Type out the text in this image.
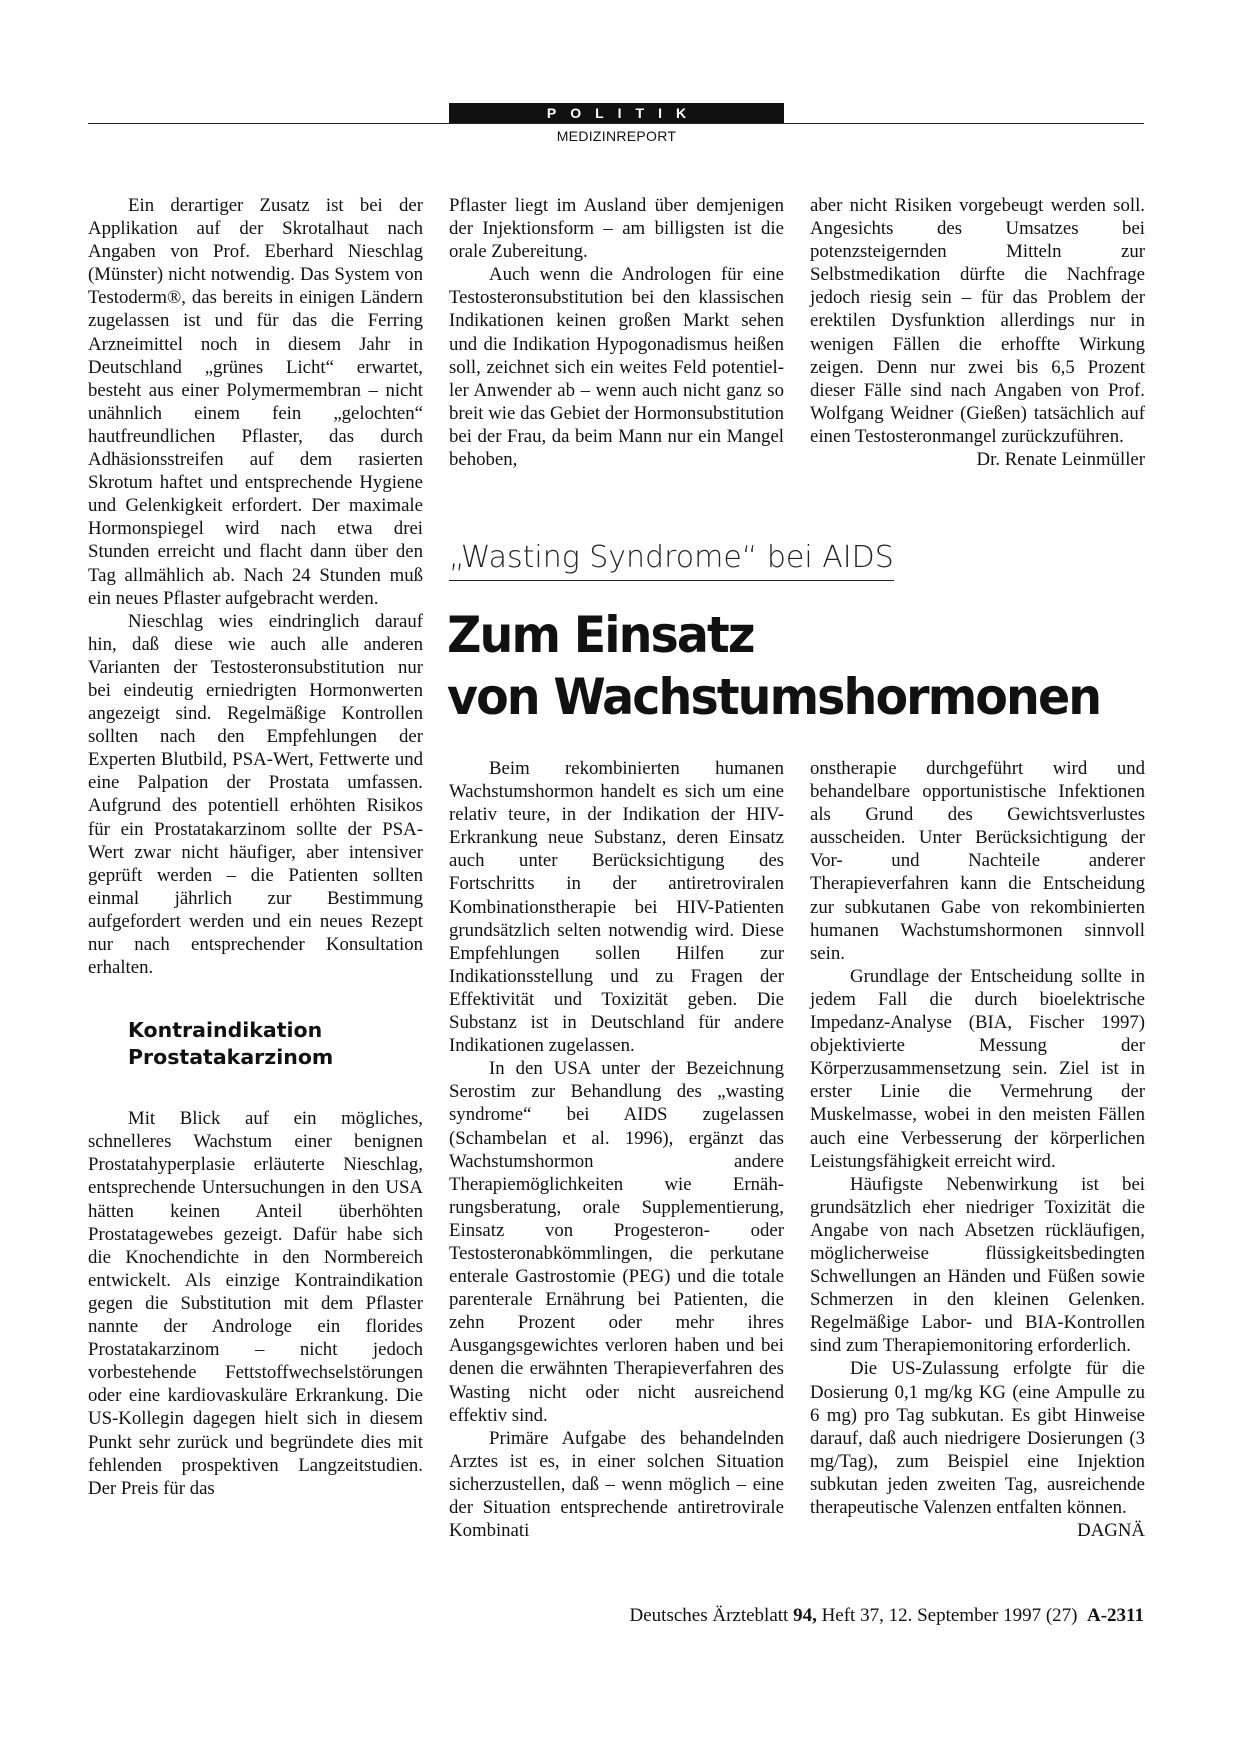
POLITIK
MEDIZINREPORT

Ein derartiger Zusatz ist bei der Applikation auf der Skrotalhaut nach Angaben von Prof. Eberhard Nieschlag (Münster) nicht notwendig. Das System von Testoderm®, das bereits in einigen Ländern zugelassen ist und für das die Ferring Arzneimittel noch in diesem Jahr in Deutschland „grünes Licht“ erwartet, besteht aus einer Polymermembran – nicht unähnlich einem fein „gelochten“ hautfreundlichen Pflaster, das durch Adhäsionsstreifen auf dem rasierten Skrotum haftet und entsprechende Hygiene und Gelenkigkeit erfordert. Der maximale Hormonspiegel wird nach etwa drei Stunden erreicht und flacht dann über den Tag allmählich ab. Nach 24 Stunden muß ein neues Pflaster aufgebracht werden.

Nieschlag wies eindringlich darauf hin, daß diese wie auch alle anderen Varianten der Testosteronsubstitution nur bei eindeutig erniedrigten Hormonwerten angezeigt sind. Regelmäßige Kontrollen sollten nach den Empfehlungen der Experten Blutbild, PSA-Wert, Fettwerte und eine Palpation der Prostata umfassen. Aufgrund des potentiell erhöhten Risikos für ein Prostatakarzinom sollte der PSA-Wert zwar nicht häufiger, aber intensiver geprüft werden – die Patienten sollten einmal jährlich zur Bestimmung aufgefordert werden und ein neues Rezept nur nach entsprechender Konsultation erhalten.

Kontraindikation
Prostatakarzinom

Mit Blick auf ein mögliches, schnelleres Wachstum einer benignen Prostatahyperplasie erläuterte Nieschlag, entsprechende Untersuchungen in den USA hätten keinen Anteil überhöhten Prostatagewebes gezeigt. Dafür habe sich die Knochendichte in den Normbereich entwickelt. Als einzige Kontraindikation gegen die Substitution mit dem Pflaster nannte der Androloge ein florides Prostatakarzinom – nicht jedoch vorbestehende Fettstoffwechselstörungen oder eine kardiovaskuläre Erkrankung. Die US-Kollegin dagegen hielt sich in diesem Punkt sehr zurück und begründete dies mit fehlenden prospektiven Langzeitstudien. Der Preis für das

Pflaster liegt im Ausland über demjenigen der Injektionsform – am billigsten ist die orale Zubereitung.

Auch wenn die Andrologen für eine Testosteronsubstitution bei den klassischen Indikationen keinen großen Markt sehen und die Indikation Hypogonadismus heißen soll, zeichnet sich ein weites Feld potentieller Anwender ab – wenn auch nicht ganz so breit wie das Gebiet der Hormonsubstitution bei der Frau, da beim Mann nur ein Mangel behoben,

aber nicht Risiken vorgebeugt werden soll. Angesichts des Umsatzes bei potenzsteigernden Mitteln zur Selbstmedikation dürfte die Nachfrage jedoch riesig sein – für das Problem der erektilen Dysfunktion allerdings nur in wenigen Fällen die erhoffte Wirkung zeigen. Denn nur zwei bis 6,5 Prozent dieser Fälle sind nach Angaben von Prof. Wolfgang Weidner (Gießen) tatsächlich auf einen Testosteronmangel zurückzuführen.
Dr. Renate Leinmüller

„Wasting Syndrome“ bei AIDS
Zum Einsatz
von Wachstumshormonen

Beim rekombinierten humanen Wachstumshormon handelt es sich um eine relativ teure, in der Indikation der HIV-Erkrankung neue Substanz, deren Einsatz auch unter Berücksichtigung des Fortschritts in der antiretroviralen Kombinationstherapie bei HIV-Patienten grundsätzlich selten notwendig wird. Diese Empfehlungen sollen Hilfen zur Indikationsstellung und zu Fragen der Effektivität und Toxizität geben. Die Substanz ist in Deutschland für andere Indikationen zugelassen.

In den USA unter der Bezeichnung Serostim zur Behandlung des „wasting syndrome“ bei AIDS zugelassen (Schambelan et al. 1996), ergänzt das Wachstumshormon andere Therapiemöglichkeiten wie Ernährungsberatung, orale Supplementierung, Einsatz von Progesteron- oder Testosteronabkömmlingen, die perkutane enterale Gastrostomie (PEG) und die totale parenterale Ernährung bei Patienten, die zehn Prozent oder mehr ihres Ausgangsgewichtes verloren haben und bei denen die erwähnten Therapieverfahren des Wasting nicht oder nicht ausreichend effektiv sind.

Primäre Aufgabe des behandelnden Arztes ist es, in einer solchen Situation sicherzustellen, daß – wenn möglich – eine der Situation entsprechende antiretrovirale Kombinati

onstherapie durchgeführt wird und behandelbare opportunistische Infektionen als Grund des Gewichtsverlustes ausscheiden. Unter Berücksichtigung der Vor- und Nachteile anderer Therapieverfahren kann die Entscheidung zur subkutanen Gabe von rekombinierten humanen Wachstumshormonen sinnvoll sein.

Grundlage der Entscheidung sollte in jedem Fall die durch bioelektrische Impedanz-Analyse (BIA, Fischer 1997) objektivierte Messung der Körperzusammensetzung sein. Ziel ist in erster Linie die Vermehrung der Muskelmasse, wobei in den meisten Fällen auch eine Verbesserung der körperlichen Leistungsfähigkeit erreicht wird.

Häufigste Nebenwirkung ist bei grundsätzlich eher niedriger Toxizität die Angabe von nach Absetzen rückläufigen, möglicherweise flüssigkeitsbedingten Schwellungen an Händen und Füßen sowie Schmerzen in den kleinen Gelenken. Regelmäßige Labor- und BIA-Kontrollen sind zum Therapiemonitoring erforderlich.

Die US-Zulassung erfolgte für die Dosierung 0,1 mg/kg KG (eine Ampulle zu 6 mg) pro Tag subkutan. Es gibt Hinweise darauf, daß auch niedrigere Dosierungen (3 mg/Tag), zum Beispiel eine Injektion subkutan jeden zweiten Tag, ausreichende therapeutische Valenzen entfalten können.
DAGNÄ

Deutsches Ärzteblatt 94, Heft 37, 12. September 1997 (27) A-2311
